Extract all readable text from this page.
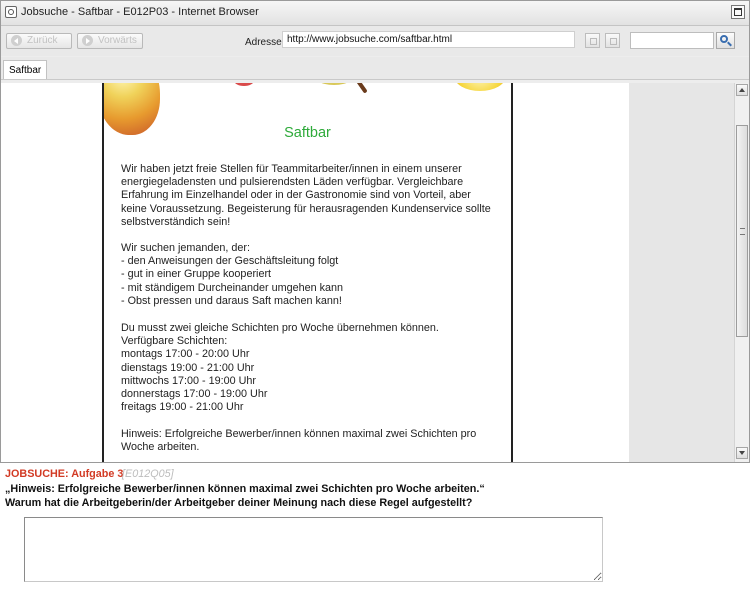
Jobsuche - Saftbar - E012P03 - Internet Browser
Zurück	Vorwärts	Adresse http://www.jobsuche.com/saftbar.html
Saftbar
Saftbar

Wir haben jetzt freie Stellen für Teammitarbeiter/innen in einem unserer
energiegeladensten und pulsierendsten Läden verfügbar. Vergleichbare
Erfahrung im Einzelhandel oder in der Gastronomie sind von Vorteil, aber
keine Voraussetzung. Begeisterung für herausragenden Kundenservice sollte
selbstverständich sein!

Wir suchen jemanden, der:
- den Anweisungen der Geschäftsleitung folgt
- gut in einer Gruppe kooperiert
- mit ständigem Durcheinander umgehen kann
- Obst pressen und daraus Saft machen kann!

Du musst zwei gleiche Schichten pro Woche übernehmen können.
Verfügbare Schichten:
montags 17:00 - 20:00 Uhr
dienstags 19:00 - 21:00 Uhr
mittwochs 17:00 - 19:00 Uhr
donnerstags 17:00 - 19:00 Uhr
freitags 19:00 - 21:00 Uhr

Hinweis: Erfolgreiche Bewerber/innen können maximal zwei Schichten pro
Woche arbeiten.

JOBSUCHE: Aufgabe 3
[E012Q05]
„Hinweis: Erfolgreiche Bewerber/innen können maximal zwei Schichten pro Woche arbeiten.“
Warum hat die Arbeitgeberin/der Arbeitgeber deiner Meinung nach diese Regel aufgestellt?
